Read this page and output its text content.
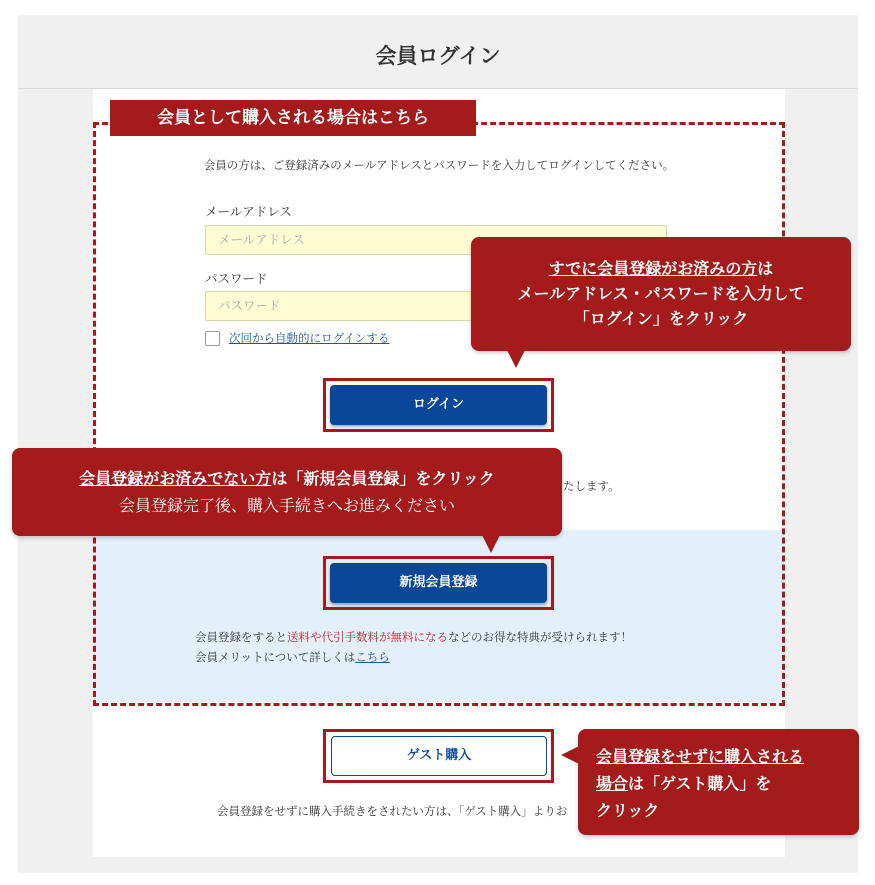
会員ログイン
会員として購入される場合はこちら
会員の方は、ご登録済みのメールアドレスとパスワードを入力してログインしてください。
メールアドレス
メールアドレス
パスワード
パスワード
次回から自動的にログインする
ログイン
たします。
新規会員登録
会員登録をすると送料や代引手数料が無料になるなどのお得な特典が受けられます！
会員メリットについて詳しくはこちら
ゲスト購入
会員登録をせずに購入手続きをされたい方は、「ゲスト購入」よりお
すでに会員登録がお済みの方は
メールアドレス・パスワードを入力して
「ログイン」をクリック
会員登録がお済みでない方は「新規会員登録」をクリック
会員登録完了後、購入手続きへお進みください
会員登録をせずに購入される
場合は「ゲスト購入」を
クリック
